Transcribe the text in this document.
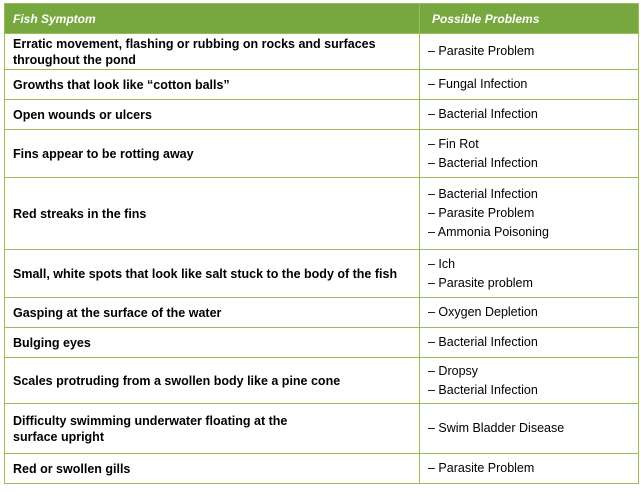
Fish Symptom	Possible Problems

Erratic movement, flashing or rubbing on rocks and surfaces
throughout the pond	– Parasite Problem

Growths that look like “cotton balls”	– Fungal Infection

Open wounds or ulcers	– Bacterial Infection

Fins appear to be rotting away	– Fin Rot
– Bacterial Infection

Red streaks in the fins	– Bacterial Infection
– Parasite Problem
– Ammonia Poisoning

Small, white spots that look like salt stuck to the body of the fish	– Ich
– Parasite problem

Gasping at the surface of the water	– Oxygen Depletion

Bulging eyes	– Bacterial Infection

Scales protruding from a swollen body like a pine cone	– Dropsy
– Bacterial Infection

Difficulty swimming underwater floating at the
surface upright	– Swim Bladder Disease

Red or swollen gills	– Parasite Problem
